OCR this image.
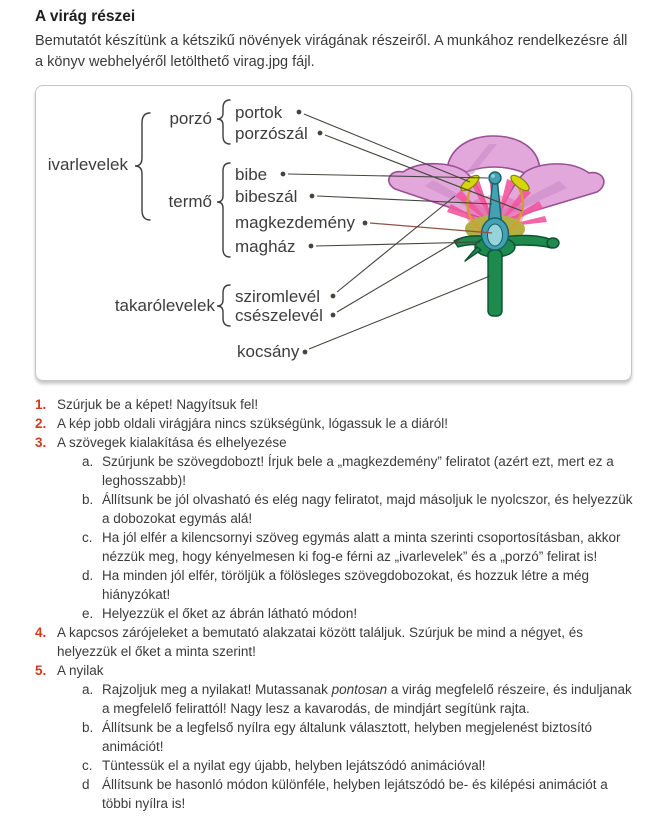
A virág részei

Bemutatót készítünk a kétszikű növények virágának részeiről. A munkához rendelkezésre áll a könyv webhelyéről letölthető virag.jpg fájl.

ivarlevelek
porzó
termő
takarólevelek
portok
porzószál
bibe
bibeszál
magkezdemény
magház
sziromlevél
csészelevél
kocsány
1. Szúrjuk be a képet! Nagyítsuk fel!
2. A kép jobb oldali virágjára nincs szükségünk, lógassuk le a diáról!
3. A szövegek kialakítása és elhelyezése
a. Szúrjunk be szövegdobozt! Írjuk bele a „magkezdemény” feliratot (azért ezt, mert ez a leghosszabb)!
b. Állítsunk be jól olvasható és elég nagy feliratot, majd másoljuk le nyolcszor, és helyezzük a dobozokat egymás alá!
c. Ha jól elfér a kilencsornyi szöveg egymás alatt a minta szerinti csoportosításban, akkor nézzük meg, hogy kényelmesen ki fog-e férni az „ivarlevelek” és a „porzó” felirat is!
d. Ha minden jól elfér, töröljük a fölösleges szövegdobozokat, és hozzuk létre a még hiányzókat!
e. Helyezzük el őket az ábrán látható módon!
4. A kapcsos zárójeleket a bemutató alakzatai között találjuk. Szúrjuk be mind a négyet, és helyezzük el őket a minta szerint!
5. A nyilak
a. Rajzoljuk meg a nyilakat! Mutassanak pontosan a virág megfelelő részeire, és induljanak a megfelelő felirattól! Nagy lesz a kavarodás, de mindjárt segítünk rajta.
b. Állítsunk be a legfelső nyílra egy általunk választott, helyben megjelenést biztosító animációt!
c. Tüntessük el a nyilat egy újabb, helyben lejátszódó animációval!
d Állítsunk be hasonló módon különféle, helyben lejátszódó be- és kilépési animációt a többi nyílra is!
